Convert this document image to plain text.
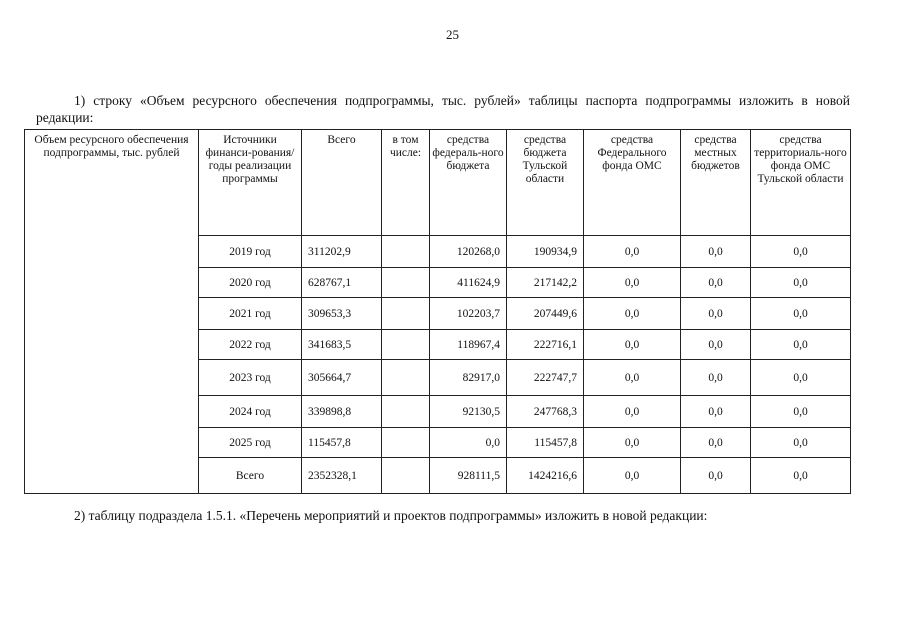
25
1) строку «Объем ресурсного обеспечения подпрограммы, тыс. рублей» таблицы паспорта подпрограммы изложить в новой редакции:
Объем ресурсного обеспечения подпрограммы, тыс. рублей	Источники финанси-рования/ годы реализации программы	Всего	в том числе:	средства федераль-ного бюджета	средства бюджета Тульской области	средства Федерального фонда ОМС	средства местных бюджетов	средства территориаль-ного фонда ОМС Тульской области
	2019 год	311202,9		120268,0	190934,9	0,0	0,0	0,0
	2020 год	628767,1		411624,9	217142,2	0,0	0,0	0,0
	2021 год	309653,3		102203,7	207449,6	0,0	0,0	0,0
	2022 год	341683,5		118967,4	222716,1	0,0	0,0	0,0
	2023 год	305664,7		82917,0	222747,7	0,0	0,0	0,0
	2024 год	339898,8		92130,5	247768,3	0,0	0,0	0,0
	2025 год	115457,8		0,0	115457,8	0,0	0,0	0,0
	Всего	2352328,1		928111,5	1424216,6	0,0	0,0	0,0
2) таблицу подраздела 1.5.1. «Перечень мероприятий и проектов подпрограммы» изложить в новой редакции:
